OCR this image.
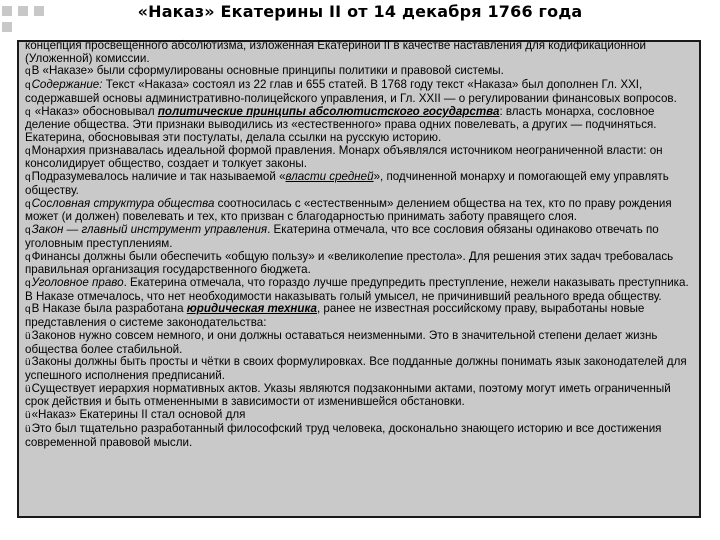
«Наказ» Екатерины II от 14 декабря 1766 года

концепция просвещённого абсолютизма, изложенная Екатериной II в качестве наставления для кодификационной (Уложенной) комиссии.

qВ «Наказе» были сформулированы основные принципы политики и правовой системы.

qСодержание: Текст «Наказа» состоял из 22 глав и 655 статей. В 1768 году текст «Наказа» был дополнен Гл. XXI, содержавшей основы административно-полицейского управления, и Гл. XXII — о регулировании финансовых вопросов.

q «Наказ» обосновывал политические принципы абсолютистского государства: власть монарха, сословное деление общества. Эти признаки выводились из «естественного» права одних повелевать, а других — подчиняться. Екатерина, обосновывая эти постулаты, делала ссылки на русскую историю.

qМонархия признавалась идеальной формой правления. Монарх объявлялся источником неограниченной власти: он консолидирует общество, создает и толкует законы.

qПодразумевалось наличие и так называемой «власти средней», подчиненной монарху и помогающей ему управлять обществу.

qСословная структура общества соотносилась с «естественным» делением общества на тех, кто по праву рождения может (и должен) повелевать и тех, кто призван с благодарностью принимать заботу правящего слоя.

qЗакон — главный инструмент управления. Екатерина отмечала, что все сословия обязаны одинаково отвечать по уголовным преступлениям.

qФинансы должны были обеспечить «общую пользу» и «великолепие престола». Для решения этих задач требовалась правильная организация государственного бюджета.

qУголовное право. Екатерина отмечала, что гораздо лучше предупредить преступление, нежели наказывать преступника. В Наказе отмечалось, что нет необходимости наказывать голый умысел, не причинивший реального вреда обществу.

qВ Наказе была разработана юридическая техника, ранее не известная российскому праву, выработаны новые представления о системе законодательства:

üЗаконов нужно совсем немного, и они должны оставаться неизменными. Это в значительной степени делает жизнь общества более стабильной.

üЗаконы должны быть просты и чётки в своих формулировках. Все подданные должны понимать язык законодателей для успешного исполнения предписаний.

üСуществует иерархия нормативных актов. Указы являются подзаконными актами, поэтому могут иметь ограниченный срок действия и быть отмененными в зависимости от изменившейся обстановки.

ü«Наказ» Екатерины II стал основой для

üЭто был тщательно разработанный философский труд человека, досконально знающего историю и все достижения современной правовой мысли.
